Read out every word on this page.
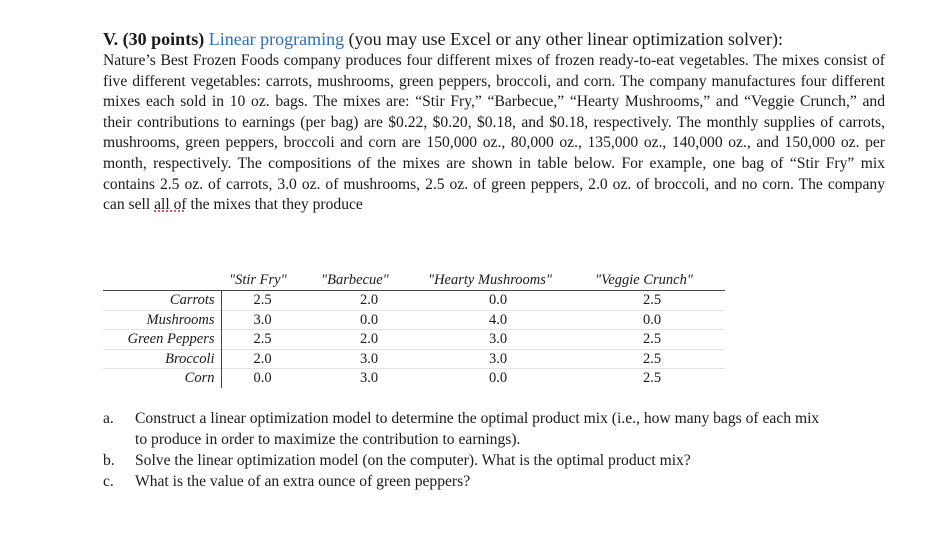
V. (30 points) Linear programing (you may use Excel or any other linear optimization solver):
Nature’s Best Frozen Foods company produces four different mixes of frozen ready-to-eat vegetables. The mixes consist of five different vegetables: carrots, mushrooms, green peppers, broccoli, and corn. The company manufactures four different mixes each sold in 10 oz. bags. The mixes are: “Stir Fry,” “Barbecue,” “Hearty Mushrooms,” and “Veggie Crunch,” and their contributions to earnings (per bag) are $0.22, $0.20, $0.18, and $0.18, respectively. The monthly supplies of carrots, mushrooms, green peppers, broccoli and corn are 150,000 oz., 80,000 oz., 135,000 oz., 140,000 oz., and 150,000 oz. per month, respectively. The compositions of the mixes are shown in table below. For example, one bag of “Stir Fry” mix contains 2.5 oz. of carrots, 3.0 oz. of mushrooms, 2.5 oz. of green peppers, 2.0 oz. of broccoli, and no corn. The company can sell all of the mixes that they produce
	"Stir Fry"	"Barbecue"	"Hearty Mushrooms"	"Veggie Crunch"
Carrots	2.5	2.0	0.0	2.5
Mushrooms	3.0	0.0	4.0	0.0
Green Peppers	2.5	2.0	3.0	2.5
Broccoli	2.0	3.0	3.0	2.5
Corn	0.0	3.0	0.0	2.5
a.	Construct a linear optimization model to determine the optimal product mix (i.e., how many bags of each mix to produce in order to maximize the contribution to earnings).
b.	Solve the linear optimization model (on the computer). What is the optimal product mix?
c.	What is the value of an extra ounce of green peppers?
